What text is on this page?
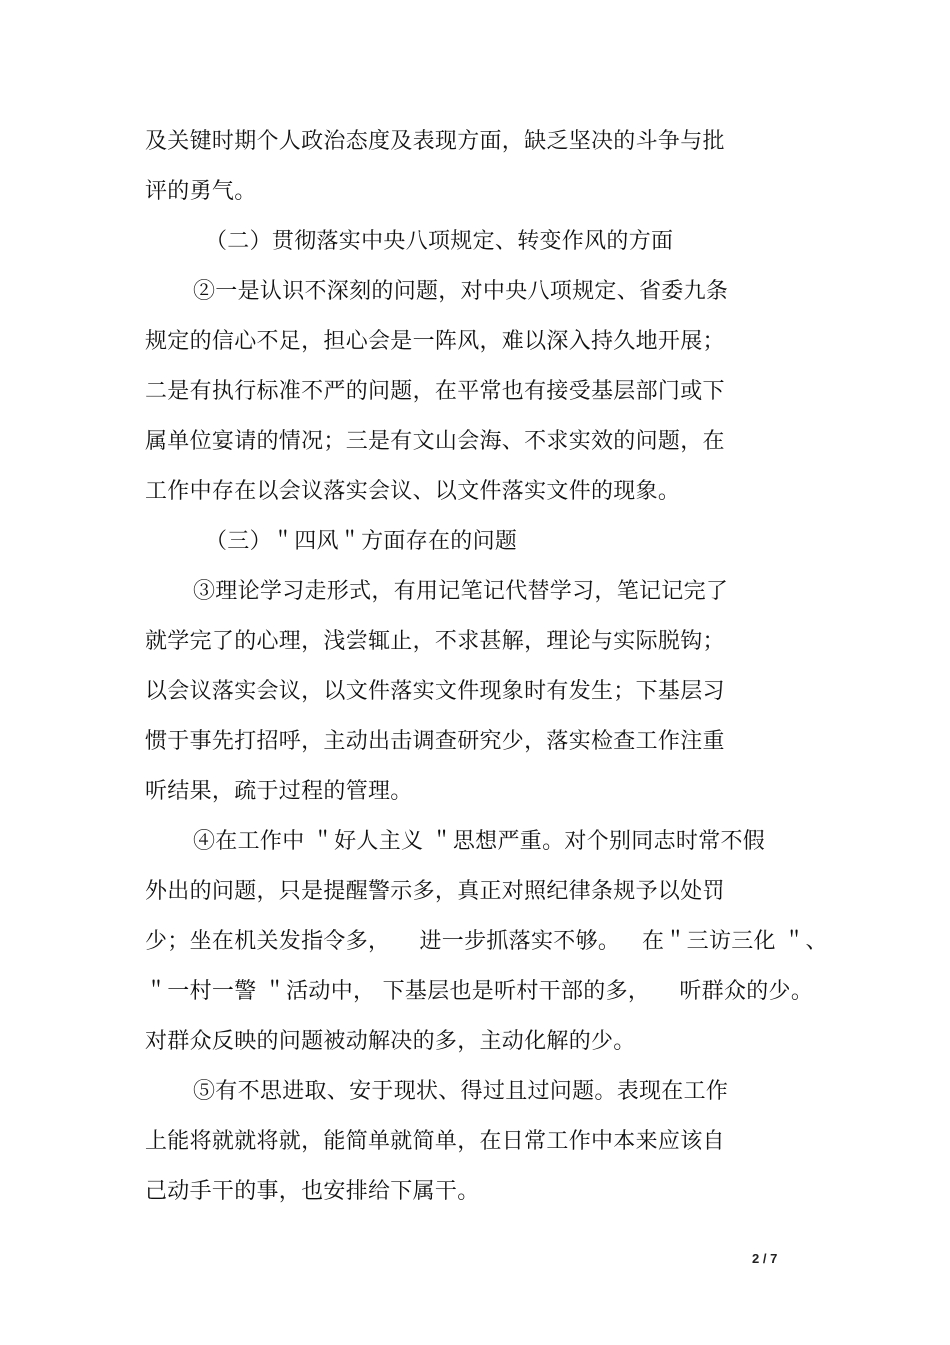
及关键时期个人政治态度及表现方面，缺乏坚决的斗争与批
评的勇气。
（二）贯彻落实中央八项规定、转变作风的方面
②一是认识不深刻的问题，对中央八项规定、省委九条
规定的信心不足，担心会是一阵风，难以深入持久地开展；
二是有执行标准不严的问题，在平常也有接受基层部门或下
属单位宴请的情况；三是有文山会海、不求实效的问题，在
工作中存在以会议落实会议、以文件落实文件的现象。
（三）＂四风＂方面存在的问题
③理论学习走形式，有用记笔记代替学习，笔记记完了
就学完了的心理，浅尝辄止，不求甚解，理论与实际脱钩；
以会议落实会议，以文件落实文件现象时有发生；下基层习
惯于事先打招呼，主动出击调查研究少，落实检查工作注重
听结果，疏于过程的管理。
④在工作中 ＂好人主义 ＂思想严重。对个别同志时常不假
外出的问题，只是提醒警示多，真正对照纪律条规予以处罚
少；坐在机关发指令多，    进一步抓落实不够。   在＂三访三化 ＂、
＂一村一警 ＂活动中， 下基层也是听村干部的多，    听群众的少。
对群众反映的问题被动解决的多，主动化解的少。
⑤有不思进取、安于现状、得过且过问题。表现在工作
上能将就就将就，能简单就简单，在日常工作中本来应该自
己动手干的事，也安排给下属干。
2 / 7
